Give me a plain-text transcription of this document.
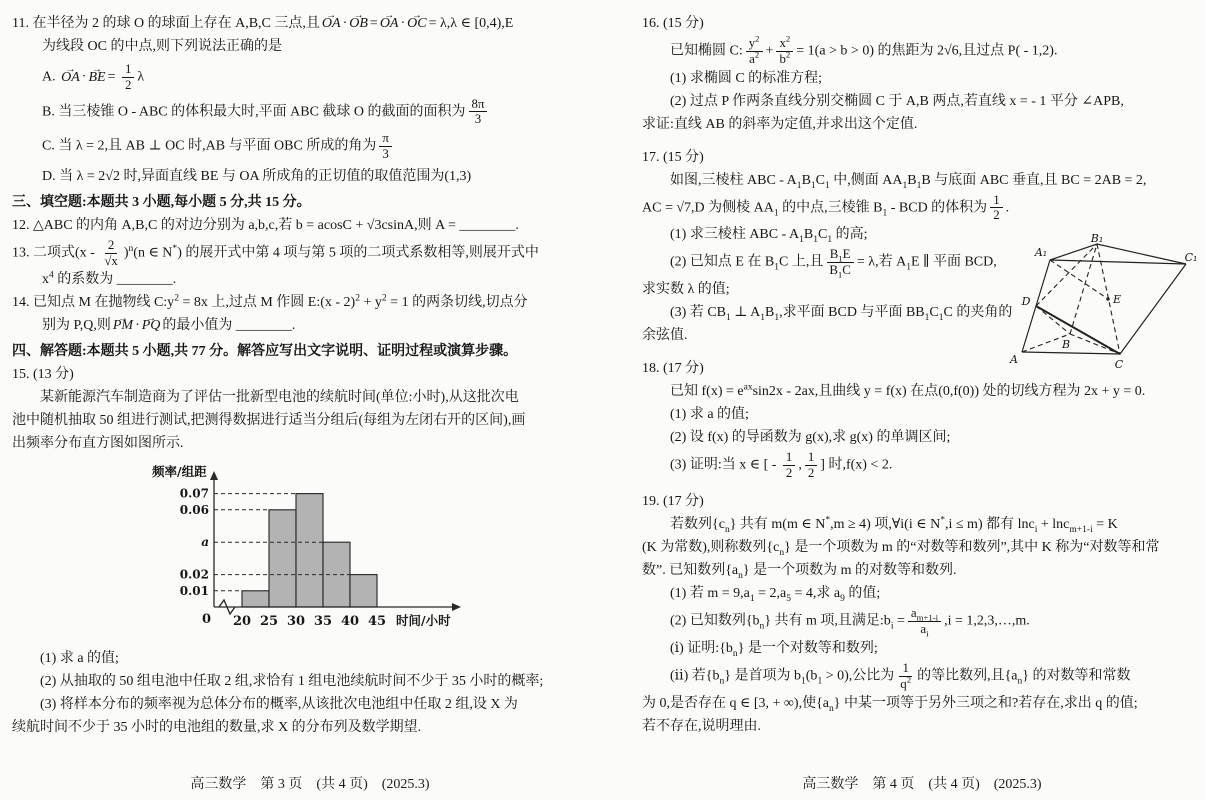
11. 在半径为 2 的球 O 的球面上存在 A,B,C 三点,且 → OA · → OB = → OA · → OC = λ,λ ∈ [0,4),E
为线段 OC 的中点,则下列说法正确的是
A. → OA · → BE = $\frac{1}{2}$ λ
B. 当三棱锥 O - ABC 的体积最大时,平面 ABC 截球 O 的截面的面积为 $\frac{8\pi}{3}$
C. 当 λ = 2,且 AB ⊥ OC 时,AB 与平面 OBC 所成的角为 $\frac{\pi}{3}$
D. 当 λ = 2√2 时,异面直线 BE 与 OA 所成角的正切值的取值范围为(1,3)
三、填空题:本题共 3 小题,每小题 5 分,共 15 分。
12. △ABC 的内角 A,B,C 的对边分别为 a,b,c,若 b = acosC + √3csinA,则 A = ________.
13. 二项式$(x - \frac{2}{√x} )^n(n$ ∈ N*) 的展开式中第 4 项与第 5 项的二项式系数相等,则展开式中
$x^4$ 的系数为 ________.
14. 已知点 M 在抛物线 $C:y^2 = 8x$ 上,过点 M 作圆 E:(x - $2)^2 + y^2 = 1$ 的两条切线,切点分
别为 P,Q,则 → PM · → PQ 的最小值为 ________.
四、解答题:本题共 5 小题,共 77 分。解答应写出文字说明、证明过程或演算步骤。
15. (13 分)
某新能源汽车制造商为了评估一批新型电池的续航时间(单位:小时),从这批次电
池中随机抽取 50 组进行测试,把测得数据进行适当分组后(每组为左闭右开的区间),画
出频率分布直方图如图所示.
0.01
0.02
a
0.06
0.07
20 25 30 35 40 45
0
频率/组距
时间/小时
(1) 求 a 的值;
(2) 从抽取的 50 组电池中任取 2 组,求恰有 1 组电池续航时间不少于 35 小时的概率;
(3) 将样本分布的频率视为总体分布的概率,从该批次电池组中任取 2 组,设 X 为
续航时间不少于 35 小时的电池组的数量,求 X 的分布列及数学期望.
高三数学　第 3 页　(共 4 页)　(2025.3)
16. (15 分)
已知椭圆 C: $\frac{y^2}{a^2} + \frac{x^2}{b^2} = 1(a > b > 0)$ 的焦距为 2√6,且过点 P( - 1,2).
(1) 求椭圆 C 的标准方程;
(2) 过点 P 作两条直线分别交椭圆 C 于 A,B 两点,若直线 x = - 1 平分 ∠APB,
求证:直线 AB 的斜率为定值,并求出这个定值.
17. (15 分)
如图,三棱柱 ABC - $A_1B_1C_1$ 中,侧面 $AA_1B_1B$ 与底面 ABC 垂直,且 BC = 2AB = 2,
AC = √7,D 为侧棱 $AA_1$ 的中点,三棱锥 $B_1$ - BCD 的体积为 $\frac{1}{2}$ .
(1) 求三棱柱 ABC - $A_1B_1C_1$ 的高;
(2) 已知点 E 在 $B_1C$ 上,且 $\frac{B_1E}{B_1C} = \lambda$,若 $A_1E$ ∥ 平面 BCD,
求实数 λ 的值;
(3) 若 $CB_1$ ⊥ $A_1B_1$,求平面 BCD 与平面 $BB_1C_1C$ 的夹角的
余弦值.
B₁
A₁	C₁
D	E
B
A	C
18. (17 分)
已知 $f(x) = e^{ax}\sin 2x - 2ax$,且曲线 y = f(x) 在点(0,f(0)) 处的切线方程为 2x + y = 0.
(1) 求 a 的值;
(2) 设 f(x) 的导函数为 g(x),求 g(x) 的单调区间;
(3) 证明:当 x ∈ [ - $\frac{1}{2}$ , $\frac{1}{2}$ ] 时,f(x) < 2.
19. (17 分)
若数列$\{c_n\}$ 共有 m(m ∈ N*,m ≥ 4) 项,∀i(i ∈ N*,i ≤ m) 都有 lnc$_i$ + lnc$_{m+1-i}$ = K
(K 为常数),则称数列$\{c_n\}$ 是一个项数为 m 的“对数等和数列”,其中 K 称为“对数等和常
数”. 已知数列$\{a_n\}$ 是一个项数为 m 的对数等和数列.
(1) 若 $m = 9,a_1 = 2,a_5 = 4$,求 $a_9$ 的值;
(2) 已知数列$\{b_n\}$ 共有 m 项,且满足$:b_i = \frac{a_{m+1-i}}{a_i} ,i$ = 1,2,3,…,m.
(ⅰ) 证明$:\{b_n\}$ 是一个对数等和数列;
(ⅱ) 若$\{b_n\}$ 是首项为 $b_1(b_1 > 0)$,公比为 $\frac{1}{q^2}$ 的等比数列,且$\{a_n\}$ 的对数等和常数
为 0,是否存在 q ∈ [3, + ∞),使$\{a_n\}$ 中某一项等于另外三项之和?若存在,求出 q 的值;
若不存在,说明理由.
高三数学　第 4 页　(共 4 页)　(2025.3)
